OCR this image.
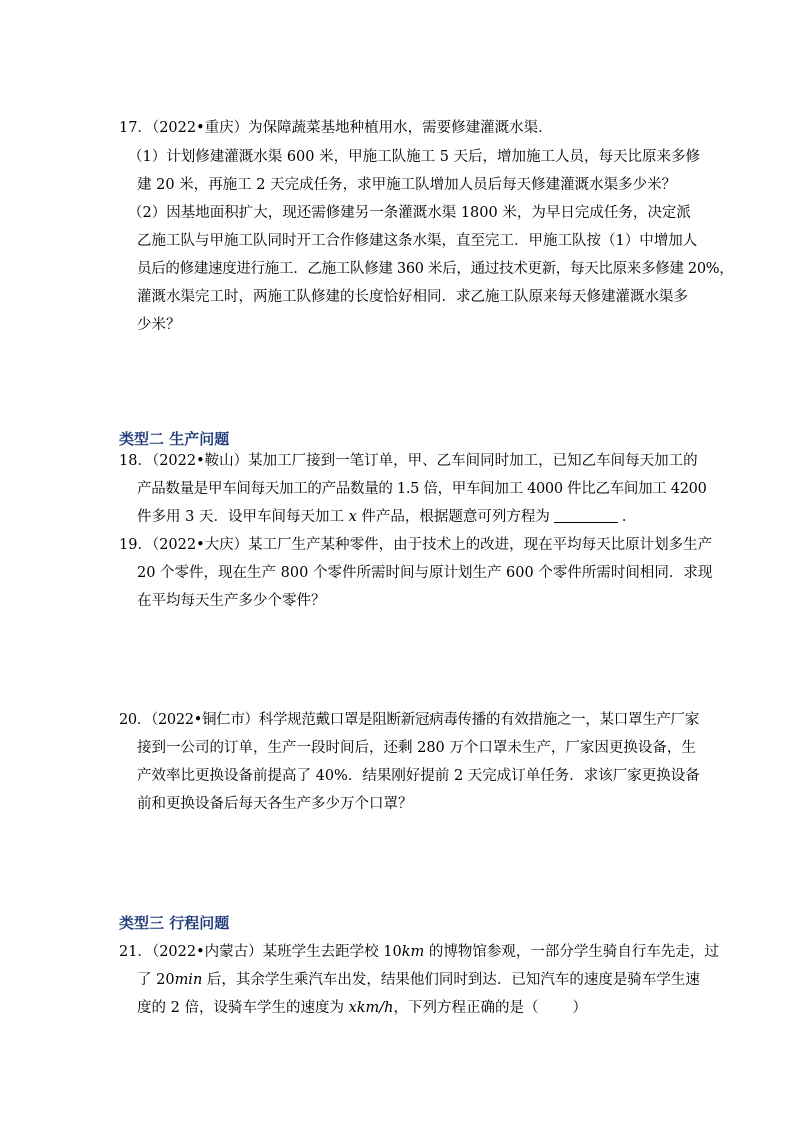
17．（2022•重庆）为保障蔬菜基地种植用水，需要修建灌溉水渠．
（1）计划修建灌溉水渠 600 米，甲施工队施工 5 天后，增加施工人员，每天比原来多修
建 20 米，再施工 2 天完成任务，求甲施工队增加人员后每天修建灌溉水渠多少米？
（2）因基地面积扩大，现还需修建另一条灌溉水渠 1800 米，为早日完成任务，决定派
乙施工队与甲施工队同时开工合作修建这条水渠，直至完工．甲施工队按（1）中增加人
员后的修建速度进行施工．乙施工队修建 360 米后，通过技术更新，每天比原来多修建 20%，
灌溉水渠完工时，两施工队修建的长度恰好相同．求乙施工队原来每天修建灌溉水渠多
少米？
类型二 生产问题
18．（2022•鞍山）某加工厂接到一笔订单，甲、乙车间同时加工，已知乙车间每天加工的
产品数量是甲车间每天加工的产品数量的 1.5 倍，甲车间加工 4000 件比乙车间加工 4200
件多用 3 天．设甲车间每天加工 x 件产品，根据题意可列方程为	．
19．（2022•大庆）某工厂生产某种零件，由于技术上的改进，现在平均每天比原计划多生产
20 个零件，现在生产 800 个零件所需时间与原计划生产 600 个零件所需时间相同．求现
在平均每天生产多少个零件？
20．（2022•铜仁市）科学规范戴口罩是阻断新冠病毒传播的有效措施之一，某口罩生产厂家
接到一公司的订单，生产一段时间后，还剩 280 万个口罩未生产，厂家因更换设备，生
产效率比更换设备前提高了 40%．结果刚好提前 2 天完成订单任务．求该厂家更换设备
前和更换设备后每天各生产多少万个口罩？
类型三 行程问题
21．（2022•内蒙古）某班学生去距学校 10km 的博物馆参观，一部分学生骑自行车先走，过
了 20min 后，其余学生乘汽车出发，结果他们同时到达．已知汽车的速度是骑车学生速
度的 2 倍，设骑车学生的速度为 xkm/h，下列方程正确的是（ ）
